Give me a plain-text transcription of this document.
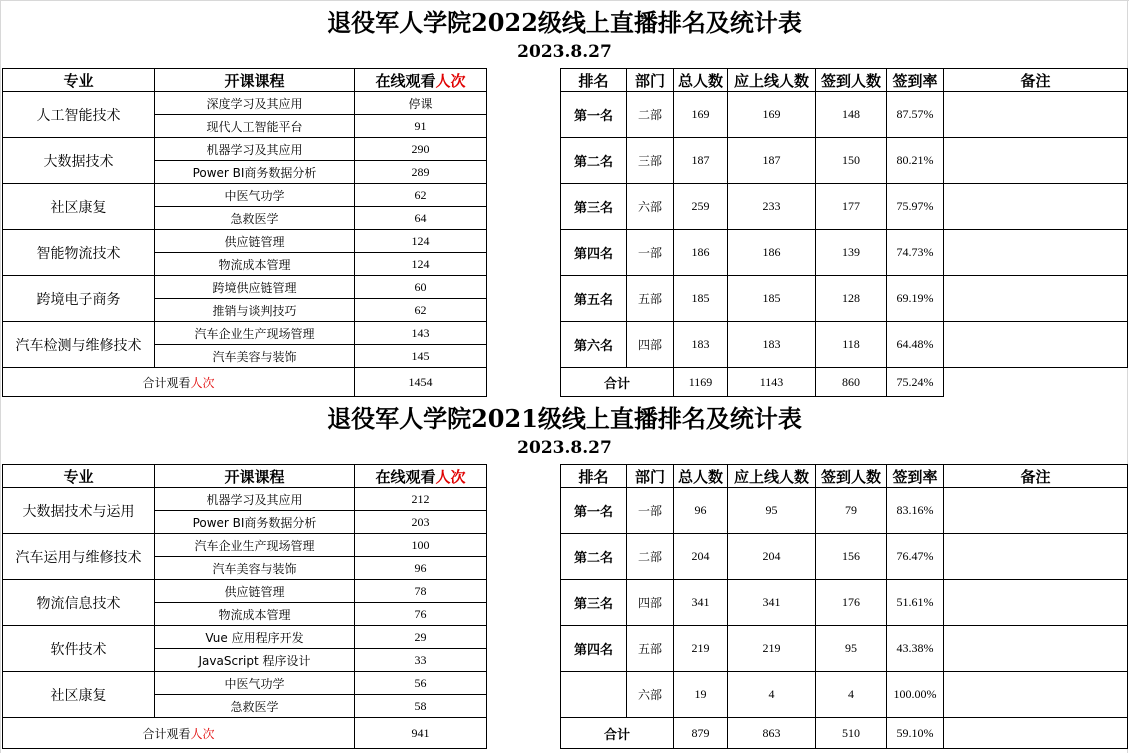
退役军人学院2022级线上直播排名及统计表
2023.8.27
专业	开课课程	在线观看人次
人工智能技术	深度学习及其应用	停课
	现代人工智能平台	91
大数据技术	机器学习及其应用	290
	Power BI商务数据分析	289
社区康复	中医气功学	62
	急救医学	64
智能物流技术	供应链管理	124
	物流成本管理	124
跨境电子商务	跨境供应链管理	60
	推销与谈判技巧	62
汽车检测与维修技术	汽车企业生产现场管理	143
	汽车美容与装饰	145
合计观看人次		1454
排名	部门	总人数	应上线人数	签到人数	签到率	备注
第一名	二部	169	169	148	87.57%	
第二名	三部	187	187	150	80.21%	
第三名	六部	259	233	177	75.97%	
第四名	一部	186	186	139	74.73%	
第五名	五部	185	185	128	69.19%	
第六名	四部	183	183	118	64.48%	
合计		1169	1143	860	75.24%	
退役军人学院2021级线上直播排名及统计表
2023.8.27
专业	开课课程	在线观看人次
大数据技术与运用	机器学习及其应用	212
	Power BI商务数据分析	203
汽车运用与维修技术	汽车企业生产现场管理	100
	汽车美容与装饰	96
物流信息技术	供应链管理	78
	物流成本管理	76
软件技术	Vue 应用程序开发	29
	JavaScript 程序设计	33
社区康复	中医气功学	56
	急救医学	58
合计观看人次		941
排名	部门	总人数	应上线人数	签到人数	签到率	备注
第一名	一部	96	95	79	83.16%	
第二名	二部	204	204	156	76.47%	
第三名	四部	341	341	176	51.61%	
第四名	五部	219	219	95	43.38%	
	六部	19	4	4	100.00%	
合计		879	863	510	59.10%	
